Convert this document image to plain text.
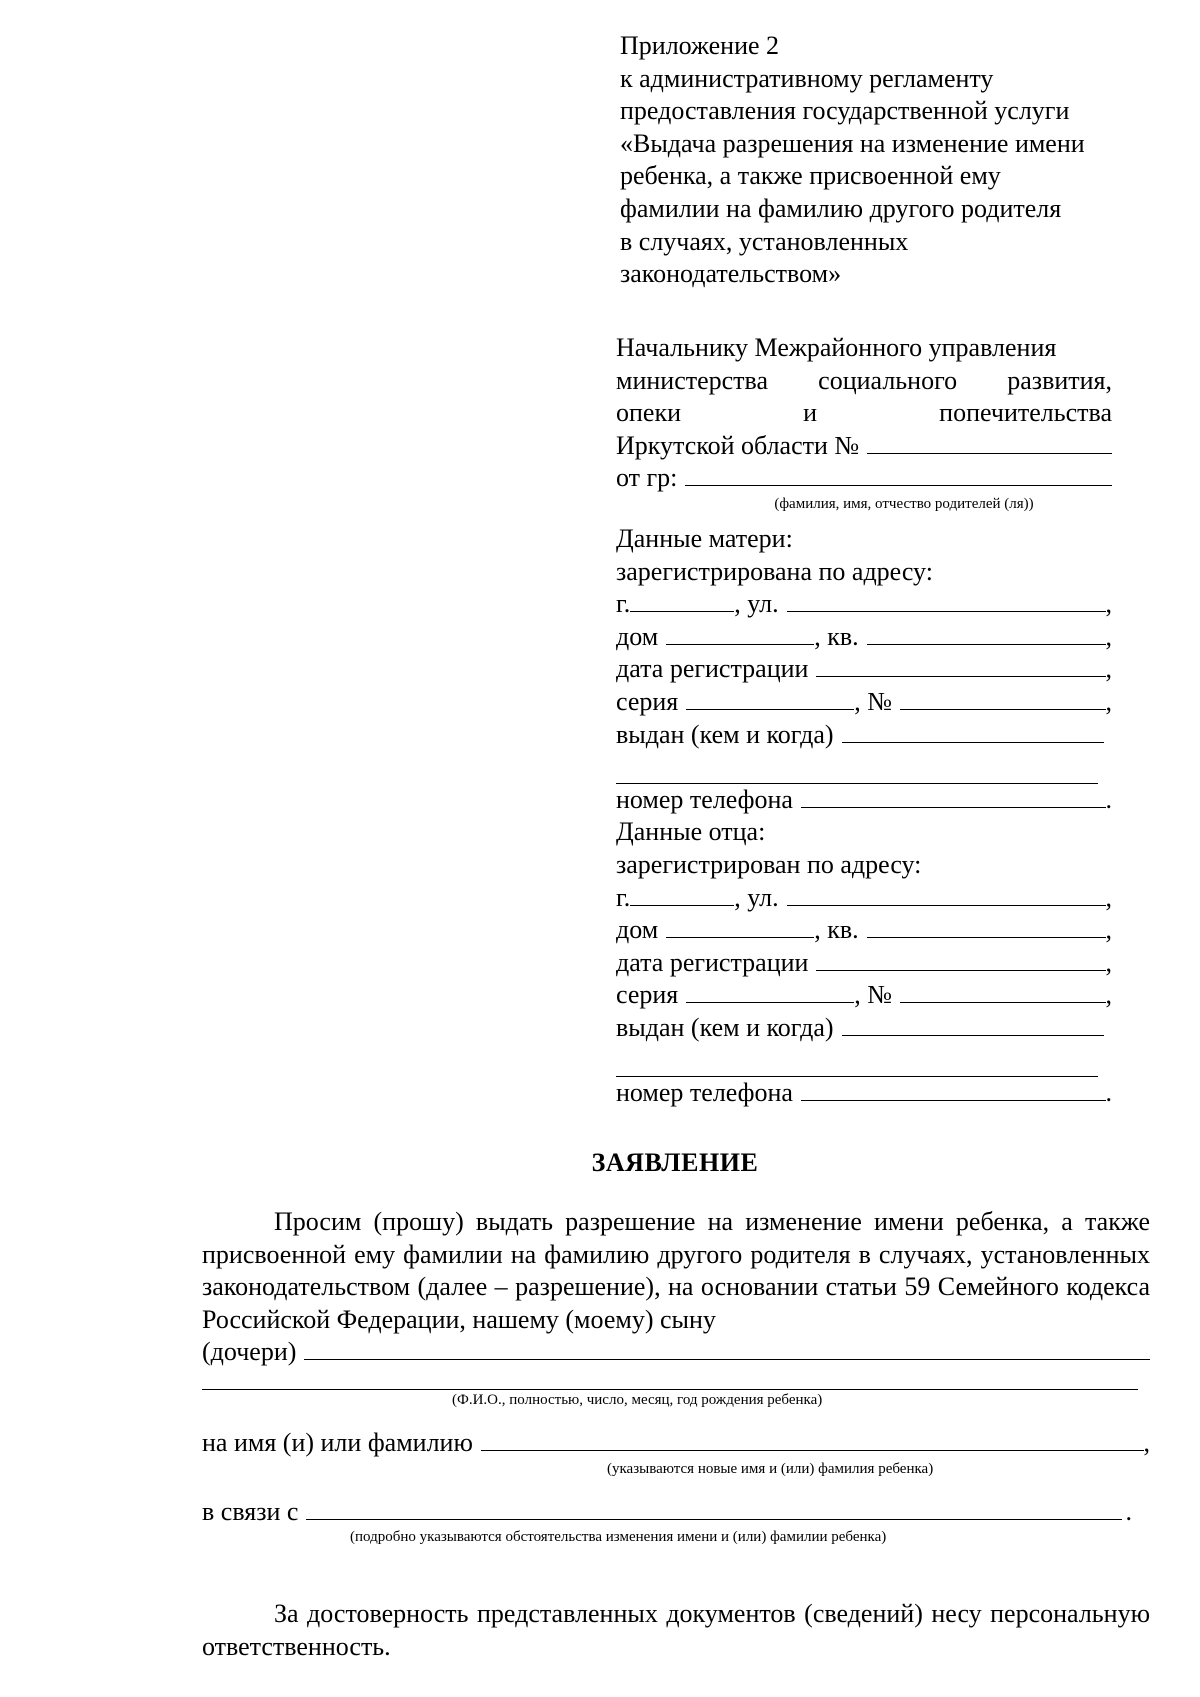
Приложение 2
к административному регламенту
предоставления государственной услуги
«Выдача разрешения на изменение имени
ребенка, а также присвоенной ему
фамилии на фамилию другого родителя
в случаях, установленных
законодательством»
Начальнику Межрайонного управления
министерства социального развития,
опеки и попечительства
Иркутской области №
от гр:
(фамилия, имя, отчество родителей (ля))
Данные матери:
зарегистрирована по адресу:
г.	, ул.	,
дом	, кв.	,
дата регистрации	,
серия	, №	,
выдан (кем и когда)
номер телефона	.
Данные отца:
зарегистрирован по адресу:
г.	, ул.	,
дом	, кв.	,
дата регистрации	,
серия	, №	,
выдан (кем и когда)
номер телефона	.
ЗАЯВЛЕНИЕ
Просим (прошу) выдать разрешение на изменение имени ребенка, а также присвоенной ему фамилии на фамилию другого родителя в случаях, установленных законодательством (далее – разрешение), на основании статьи 59 Семейного кодекса Российской Федерации, нашему (моему) сыну
(дочери)
(Ф.И.О., полностью, число, месяц, год рождения ребенка)
на имя (и) или фамилию	,
(указываются новые имя и (или) фамилия ребенка)
в связи с	.
(подробно указываются обстоятельства изменения имени и (или) фамилии ребенка)
За достоверность представленных документов (сведений) несу персональную ответственность.
